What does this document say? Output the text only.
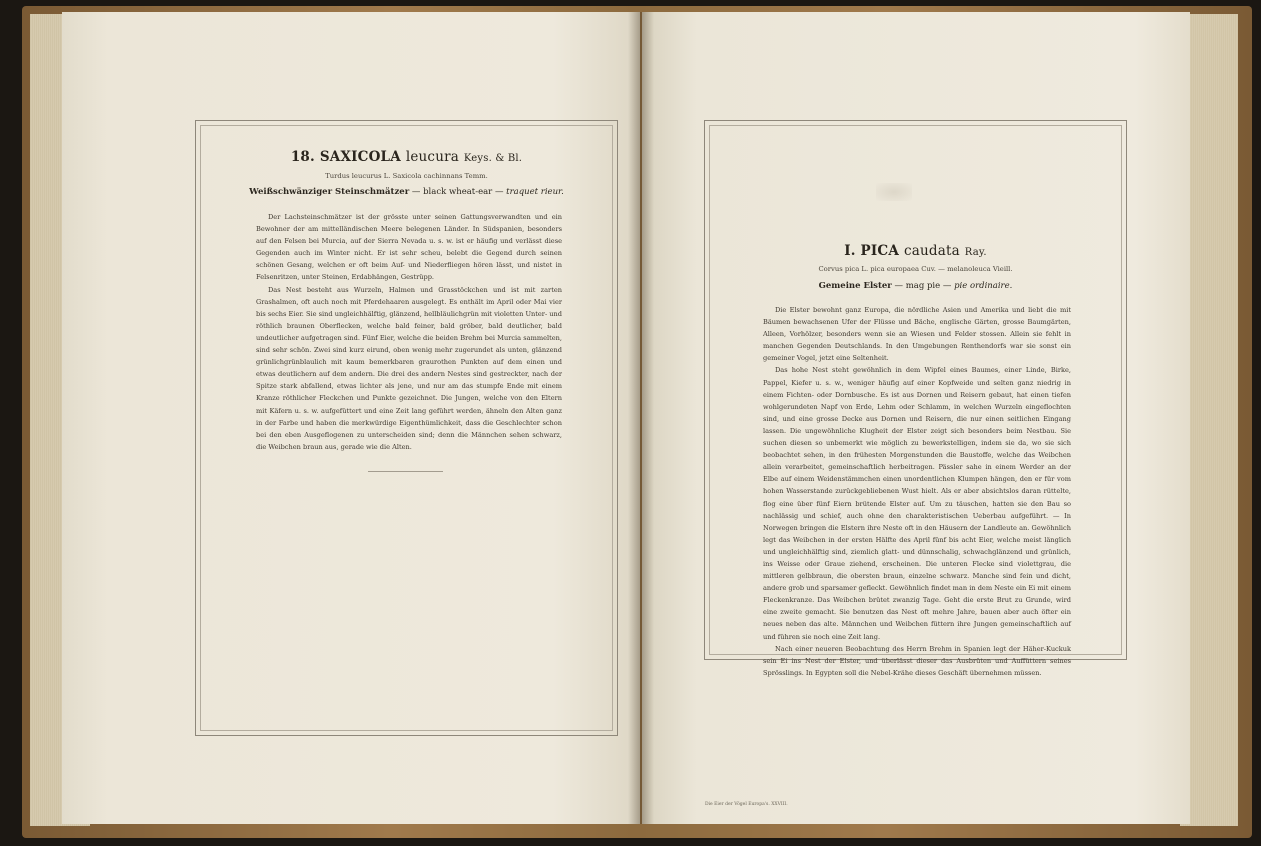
18. SAXICOLA leucura Keys. & Bl.
Turdus leucurus L. Saxicola cachinnans Temm.
Weißschwänziger Steinschmätzer — black wheat-ear — traquet rieur.

Der Lachsteinschmätzer ist der grösste unter seinen Gattungsverwandten und ein Bewohner der am mittelländischen Meere belegenen Länder. In Südspanien, besonders auf den Felsen bei Murcia, auf der Sierra Nevada u. s. w. ist er häufig und verlässt diese Gegenden auch im Winter nicht. Er ist sehr scheu, belebt die Gegend durch seinen schönen Gesang, welchen er oft beim Auf- und Niederfliegen hören lässt, und nistet in Felsenritzen, unter Steinen, Erdabhängen, Gestrüpp.

Das Nest besteht aus Wurzeln, Halmen und Grasstöckchen und ist mit zarten Grashalmen, oft auch noch mit Pferdehaaren ausgelegt. Es enthält im April oder Mai vier bis sechs Eier. Sie sind ungleichhälftig, glänzend, hellbläulichgrün mit violetten Unter- und röthlich braunen Oberflecken, welche bald feiner, bald gröber, bald deutlicher, bald undeutlicher aufgetragen sind. Fünf Eier, welche die beiden Brehm bei Murcia sammelten, sind sehr schön. Zwei sind kurz eirund, oben wenig mehr zugerundet als unten, glänzend grünlichgrünblaulich mit kaum bemerkbaren graurothen Punkten auf dem einen und etwas deutlichern auf dem andern. Die drei des andern Nestes sind gestreckter, nach der Spitze stark abfallend, etwas lichter als jene, und nur am das stumpfe Ende mit einem Kranze röthlicher Fleckchen und Punkte gezeichnet. Die Jungen, welche von den Eltern mit Käfern u. s. w. aufgefüttert und eine Zeit lang geführt werden, ähneln den Alten ganz in der Farbe und haben die merkwürdige Eigenthümlichkeit, dass die Geschlechter schon bei den eben Ausgeflogenen zu unterscheiden sind; denn die Männchen sehen schwarz, die Weibchen braun aus, gerade wie die Alten.

I. PICA caudata Ray.
Corvus pica L. pica europaea Cuv. — melanoleuca Vieill.
Gemeine Elster — mag pie — pie ordinaire.

Die Elster bewohnt ganz Europa, die nördliche Asien und Amerika und liebt die mit Bäumen bewachsenen Ufer der Flüsse und Bäche, englische Gärten, grosse Baumgärten, Alleen, Vorhölzer, besonders wenn sie an Wiesen und Felder stossen. Allein sie fehlt in manchen Gegenden Deutschlands. In den Umgebungen Renthendorfs war sie sonst ein gemeiner Vogel, jetzt eine Seltenheit.

Das hohe Nest steht gewöhnlich in dem Wipfel eines Baumes, einer Linde, Birke, Pappel, Kiefer u. s. w., weniger häufig auf einer Kopfweide und selten ganz niedrig in einem Fichten- oder Dornbusche. Es ist aus Dornen und Reisern gebaut, hat einen tiefen wohlgerundeten Napf von Erde, Lehm oder Schlamm, in welchen Wurzeln eingeflochten sind, und eine grosse Decke aus Dornen und Reisern, die nur einen seitlichen Eingang lassen. Die ungewöhnliche Klugheit der Elster zeigt sich besonders beim Nestbau. Sie suchen diesen so unbemerkt wie möglich zu bewerkstelligen, indem sie da, wo sie sich beobachtet sehen, in den frühesten Morgenstunden die Baustoffe, welche das Weibchen allein verarbeitet, gemeinschaftlich herbeitragen. Pässler sahe in einem Werder an der Elbe auf einem Weidenstämmchen einen unordentlichen Klumpen hängen, den er für vom hohen Wasserstande zurückgebliebenen Wust hielt. Als er aber absichtslos daran rüttelte, flog eine über fünf Eiern brütende Elster auf. Um zu täuschen, hatten sie den Bau so nachlässig und schief, auch ohne den charakteristischen Ueberbau aufgeführt. — In Norwegen bringen die Elstern ihre Neste oft in den Häusern der Landleute an. Gewöhnlich legt das Weibchen in der ersten Hälfte des April fünf bis acht Eier, welche meist länglich und ungleichhälftig sind, ziemlich glatt- und dünnschalig, schwachglänzend und grünlich, ins Weisse oder Graue ziehend, erscheinen. Die unteren Flecke sind violettgrau, die mittleren gelbbraun, die obersten braun, einzelne schwarz. Manche sind fein und dicht, andere grob und sparsamer gefleckt. Gewöhnlich findet man in dem Neste ein Ei mit einem Fleckenkranze. Das Weibchen brütet zwanzig Tage. Geht die erste Brut zu Grunde, wird eine zweite gemacht. Sie benutzen das Nest oft mehre Jahre, bauen aber auch öfter ein neues neben das alte. Männchen und Weibchen füttern ihre Jungen gemeinschaftlich auf und führen sie noch eine Zeit lang.

Nach einer neueren Beobachtung des Herrn Brehm in Spanien legt der Häher-Kuckuk sein Ei ins Nest der Elster, und überlässt dieser das Ausbrüten und Auffüttern seines Sprösslings. In Egypten soll die Nebel-Krähe dieses Geschäft übernehmen müssen.

Die Eier der Vögel Europa's. XXVIII.
